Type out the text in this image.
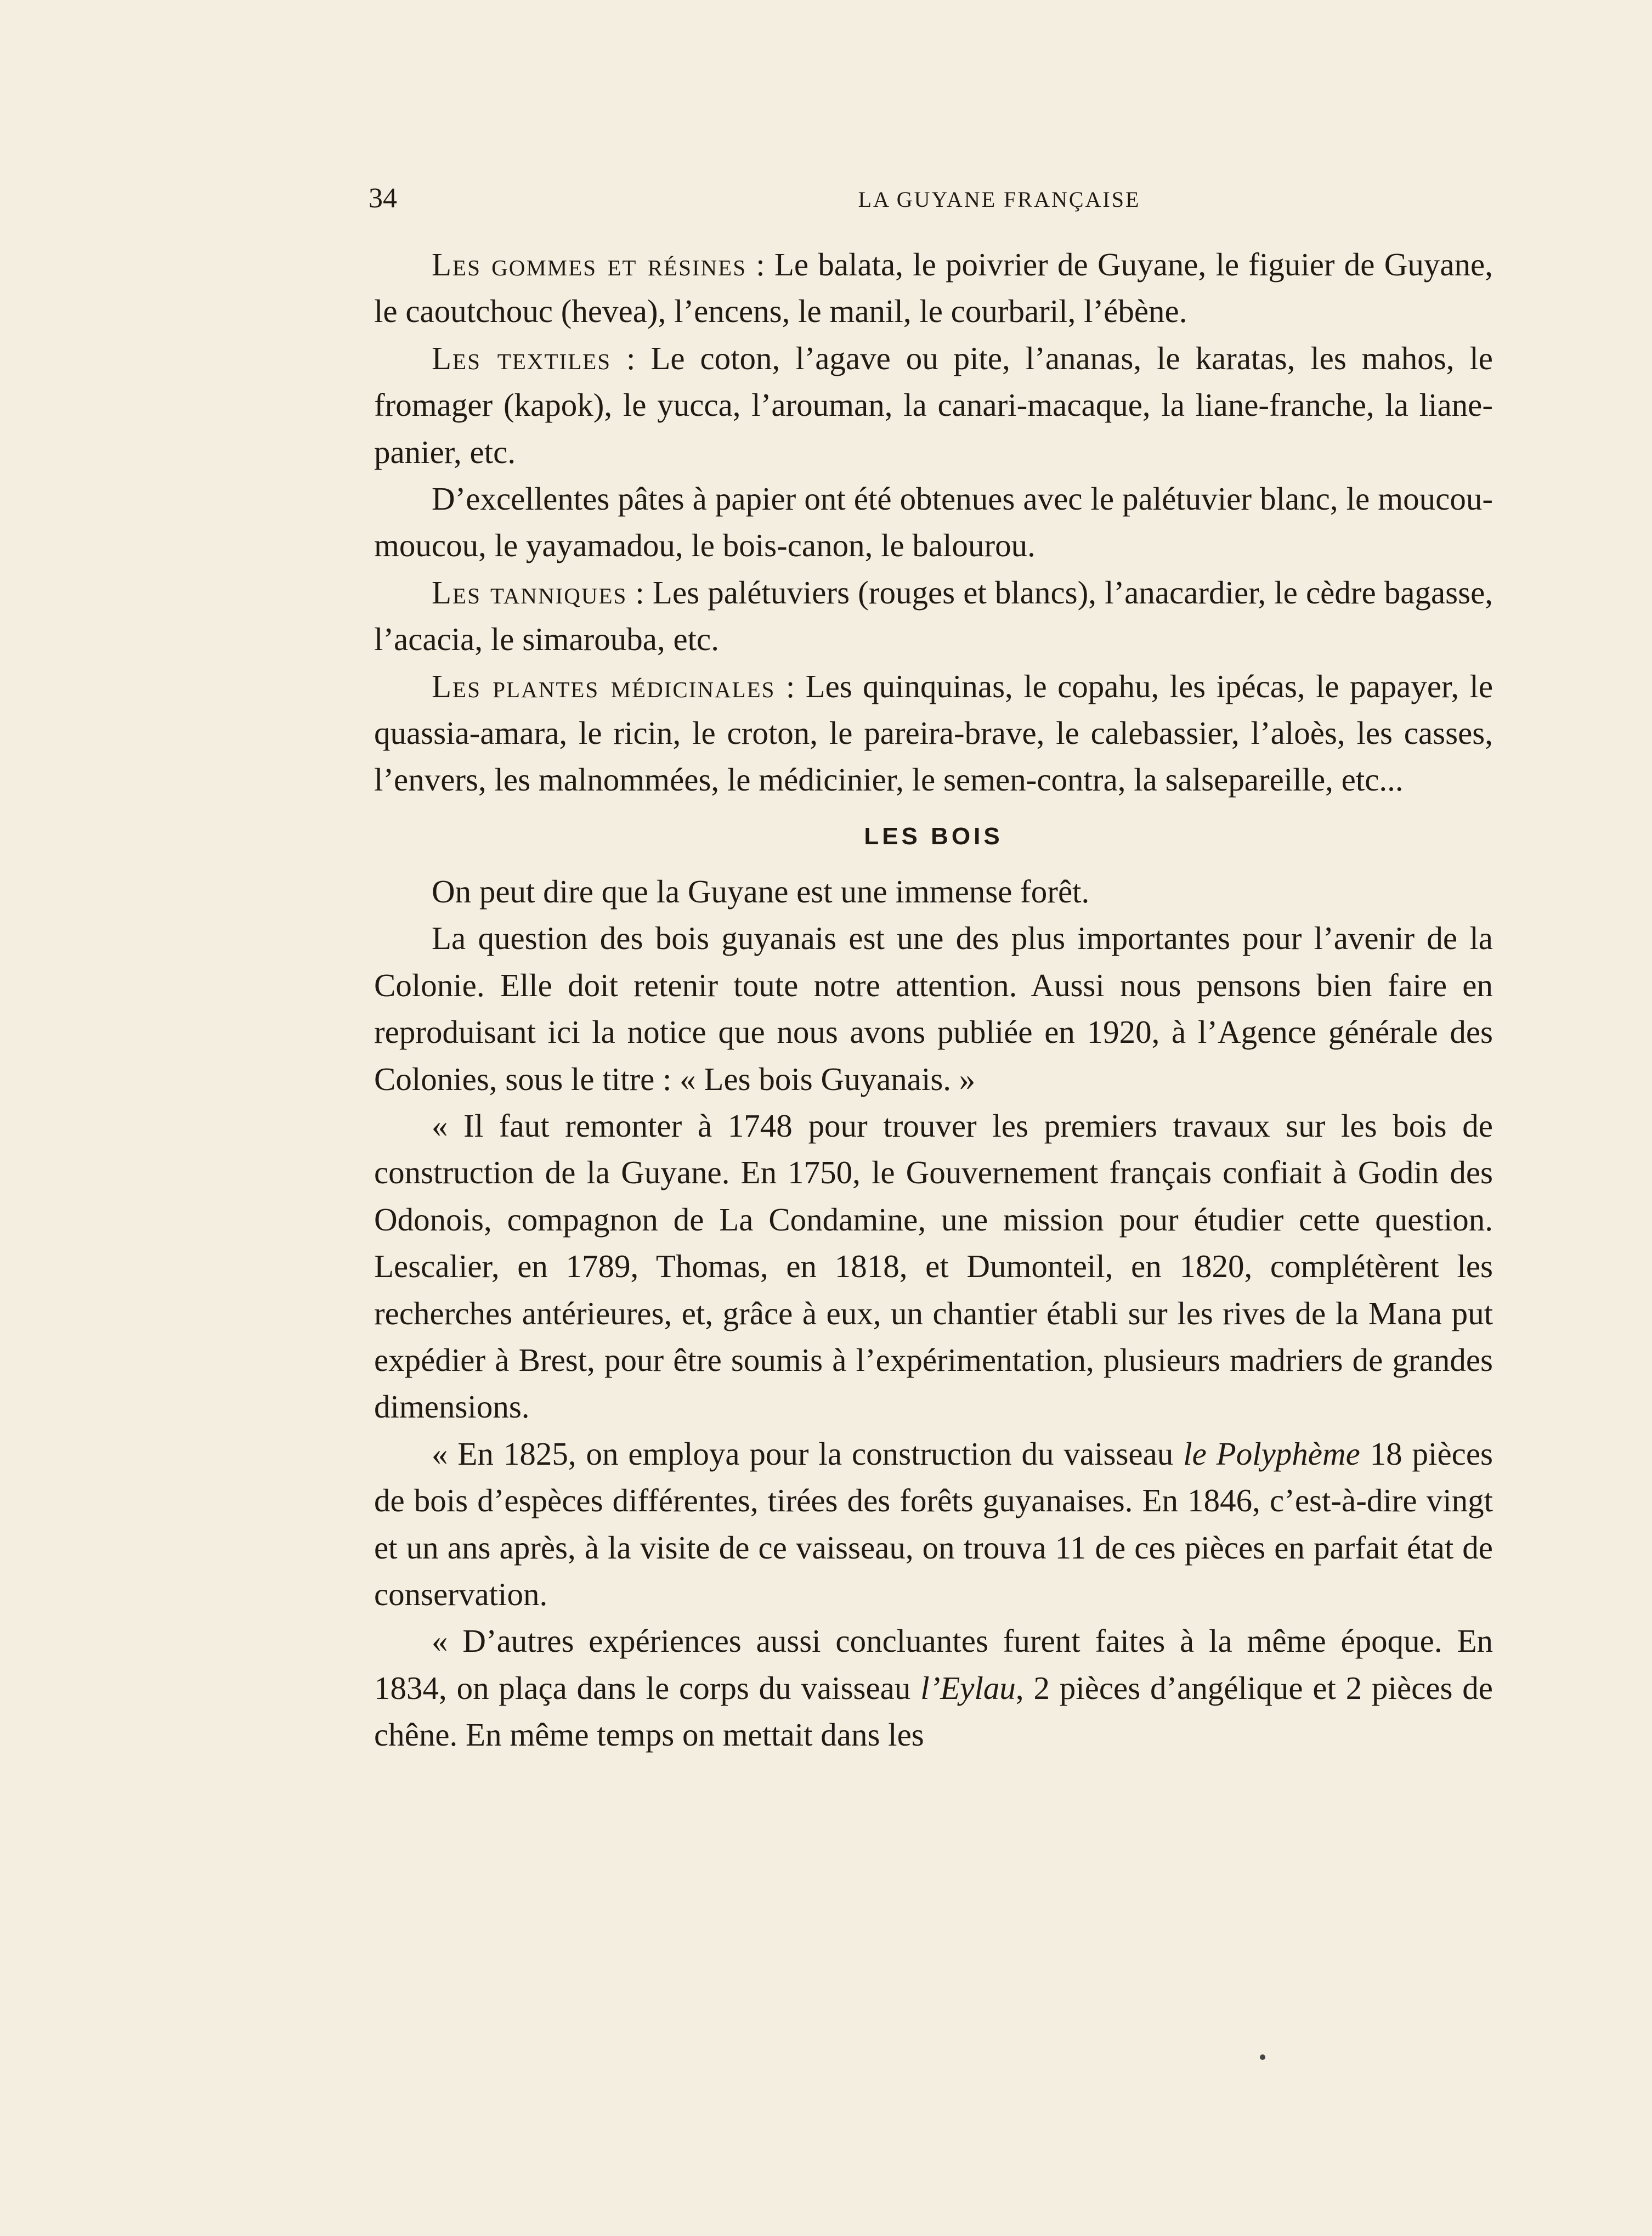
34	LA GUYANE FRANÇAISE

Les gommes et résines : Le balata, le poivrier de Guyane, le figuier de Guyane, le caoutchouc (hevea), l’encens, le manil, le courbaril, l’ébène.

Les textiles : Le coton, l’agave ou pite, l’ananas, le karatas, les mahos, le fromager (kapok), le yucca, l’arouman, la canari-macaque, la liane-franche, la liane-panier, etc.

D’excellentes pâtes à papier ont été obtenues avec le palétuvier blanc, le moucou-moucou, le yayamadou, le bois-canon, le balourou.

Les tanniques : Les palétuviers (rouges et blancs), l’anacardier, le cèdre bagasse, l’acacia, le simarouba, etc.

Les plantes médicinales : Les quinquinas, le copahu, les ipécas, le papayer, le quassia-amara, le ricin, le croton, le pareira-brave, le calebassier, l’aloès, les casses, l’envers, les malnommées, le médicinier, le semen-contra, la salsepareille, etc...

LES BOIS

On peut dire que la Guyane est une immense forêt.

La question des bois guyanais est une des plus importantes pour l’avenir de la Colonie. Elle doit retenir toute notre attention. Aussi nous pensons bien faire en reproduisant ici la notice que nous avons publiée en 1920, à l’Agence générale des Colonies, sous le titre : « Les bois Guyanais. »

« Il faut remonter à 1748 pour trouver les premiers travaux sur les bois de construction de la Guyane. En 1750, le Gouvernement français confiait à Godin des Odonois, compagnon de La Condamine, une mission pour étudier cette question. Lescalier, en 1789, Thomas, en 1818, et Dumonteil, en 1820, complétèrent les recherches antérieures, et, grâce à eux, un chantier établi sur les rives de la Mana put expédier à Brest, pour être soumis à l’expérimentation, plusieurs madriers de grandes dimensions.

« En 1825, on employa pour la construction du vaisseau le Polyphème 18 pièces de bois d’espèces différentes, tirées des forêts guyanaises. En 1846, c’est-à-dire vingt et un ans après, à la visite de ce vaisseau, on trouva 11 de ces pièces en parfait état de conservation.

« D’autres expériences aussi concluantes furent faites à la même époque. En 1834, on plaça dans le corps du vaisseau l’Eylau, 2 pièces d’angélique et 2 pièces de chêne. En même temps on mettait dans les
